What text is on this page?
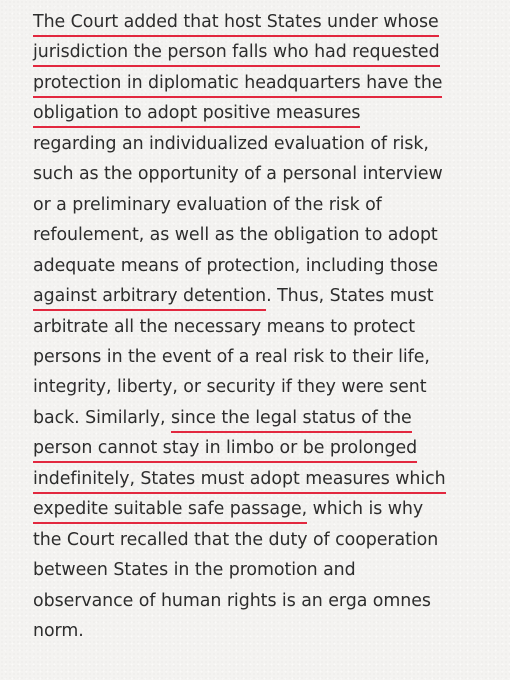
The Court added that host States under whose
jurisdiction the person falls who had requested
protection in diplomatic headquarters have the
obligation to adopt positive measures
regarding an individualized evaluation of risk,
such as the opportunity of a personal interview
or a preliminary evaluation of the risk of
refoulement, as well as the obligation to adopt
adequate means of protection, including those
against arbitrary detention. Thus, States must
arbitrate all the necessary means to protect
persons in the event of a real risk to their life,
integrity, liberty, or security if they were sent
back. Similarly, since the legal status of the
person cannot stay in limbo or be prolonged
indefinitely, States must adopt measures which
expedite suitable safe passage, which is why
the Court recalled that the duty of cooperation
between States in the promotion and
observance of human rights is an erga omnes
norm.
